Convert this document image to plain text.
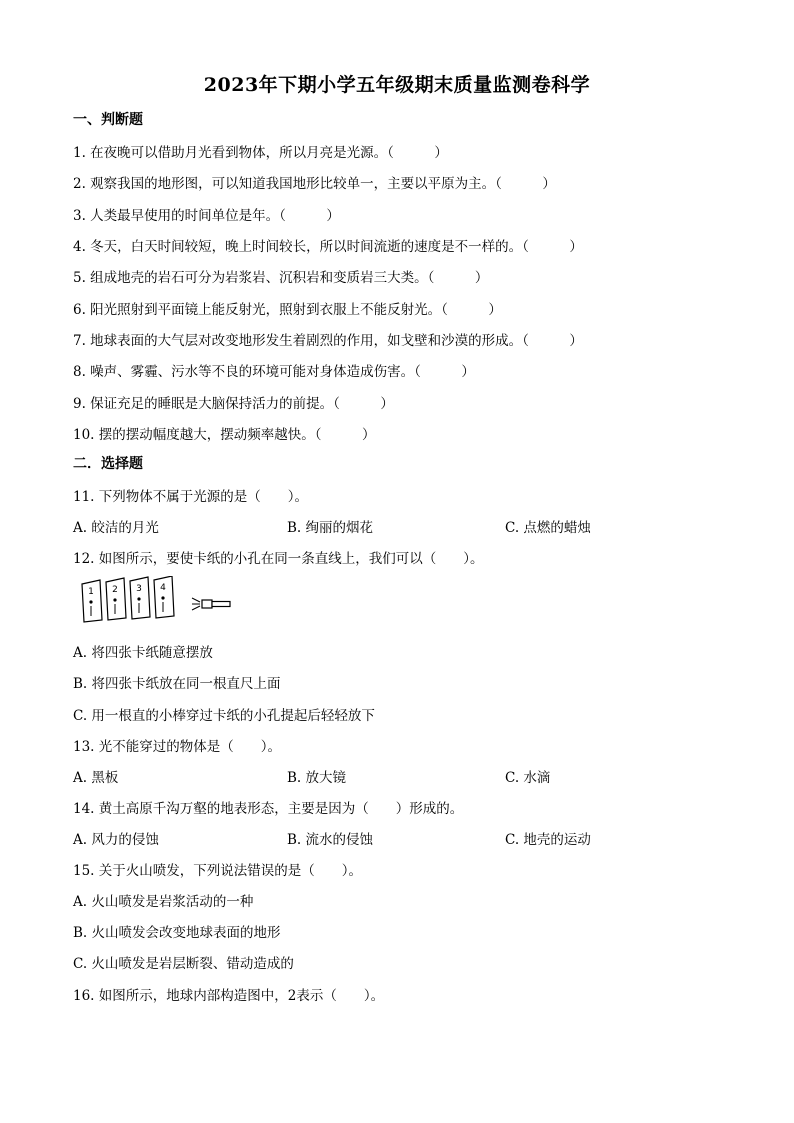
2023年下期小学五年级期末质量监测卷科学
一、判断题
1. 在夜晚可以借助月光看到物体，所以月亮是光源。（　　　）
2. 观察我国的地形图，可以知道我国地形比较单一，主要以平原为主。（　　　）
3. 人类最早使用的时间单位是年。（　　　）
4. 冬天，白天时间较短，晚上时间较长，所以时间流逝的速度是不一样的。（　　　）
5. 组成地壳的岩石可分为岩浆岩、沉积岩和变质岩三大类。（　　　）
6. 阳光照射到平面镜上能反射光，照射到衣服上不能反射光。（　　　）
7. 地球表面的大气层对改变地形发生着剧烈的作用，如戈壁和沙漠的形成。（　　　）
8. 噪声、雾霾、污水等不良的环境可能对身体造成伤害。（　　　）
9. 保证充足的睡眠是大脑保持活力的前提。（　　　）
10. 摆的摆动幅度越大，摆动频率越快。（　　　）
二．选择题
11. 下列物体不属于光源的是（　　）。
A. 皎洁的月光	B. 绚丽的烟花	C. 点燃的蜡烛
12. 如图所示，要使卡纸的小孔在同一条直线上，我们可以（　　）。
1 2 3 4
A. 将四张卡纸随意摆放
B. 将四张卡纸放在同一根直尺上面
C. 用一根直的小棒穿过卡纸的小孔提起后轻轻放下
13. 光不能穿过的物体是（　　）。
A. 黑板	B. 放大镜	C. 水滴
14. 黄土高原千沟万壑的地表形态，主要是因为（　　）形成的。
A. 风力的侵蚀	B. 流水的侵蚀	C. 地壳的运动
15. 关于火山喷发，下列说法错误的是（　　）。
A. 火山喷发是岩浆活动的一种
B. 火山喷发会改变地球表面的地形
C. 火山喷发是岩层断裂、错动造成的
16. 如图所示，地球内部构造图中，2表示（　　）。
